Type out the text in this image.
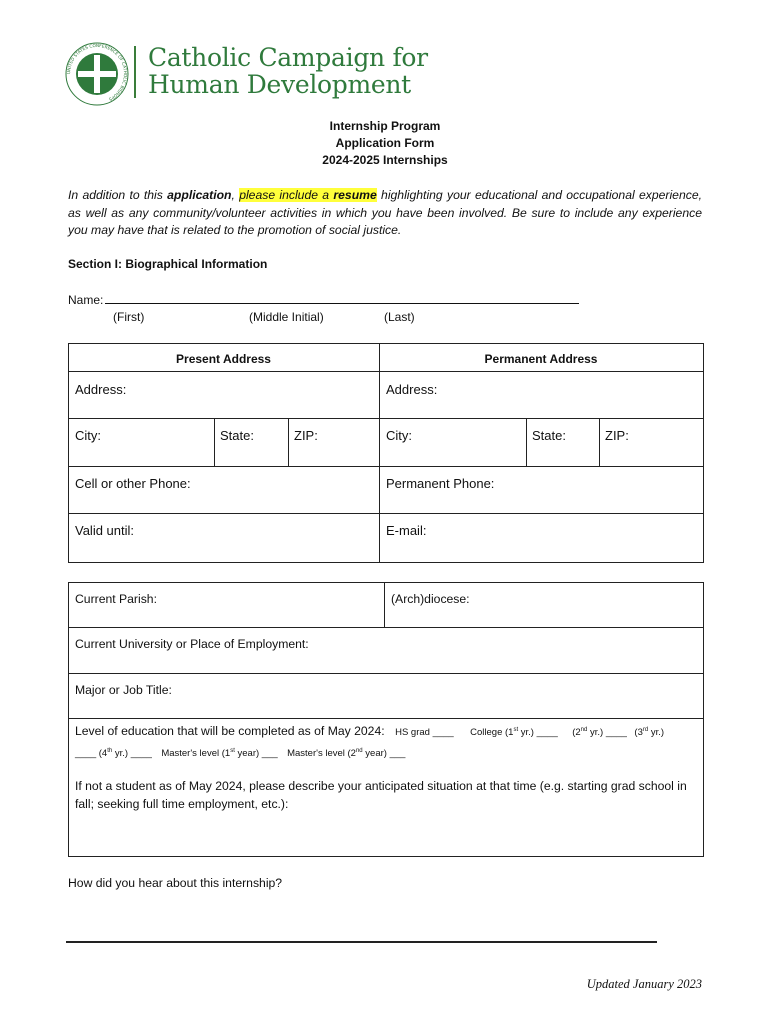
UNITED STATES CONFERENCE OF CATHOLIC BISHOPS
Catholic Campaign for
Human Development
Internship Program
Application Form
2024-2025 Internships
In addition to this application, please include a resume highlighting your educational and occupational experience, as well as any community/volunteer activities in which you have been involved. Be sure to include any experience you may have that is related to the promotion of social justice.
Section I: Biographical Information
Name:
(First)	(Middle Initial)	(Last)
Present Address	Permanent Address
Address:	Address:
City:	State:	ZIP:	City:	State:	ZIP:
Cell or other Phone:	Permanent Phone:
Valid until:	E-mail:
Current Parish:	(Arch)diocese:
Current University or Place of Employment:
Major or Job Title:
Level of education that will be completed as of May 2024: HS grad ____ College (1st yr.) ____ (2nd yr.) ____ (3rd yr.)
____ (4th yr.) ____ Master's level (1st year) ___ Master's level (2nd year) ___
If not a student as of May 2024, please describe your anticipated situation at that time (e.g. starting grad school in fall; seeking full time employment, etc.):
How did you hear about this internship?
Updated January 2023
